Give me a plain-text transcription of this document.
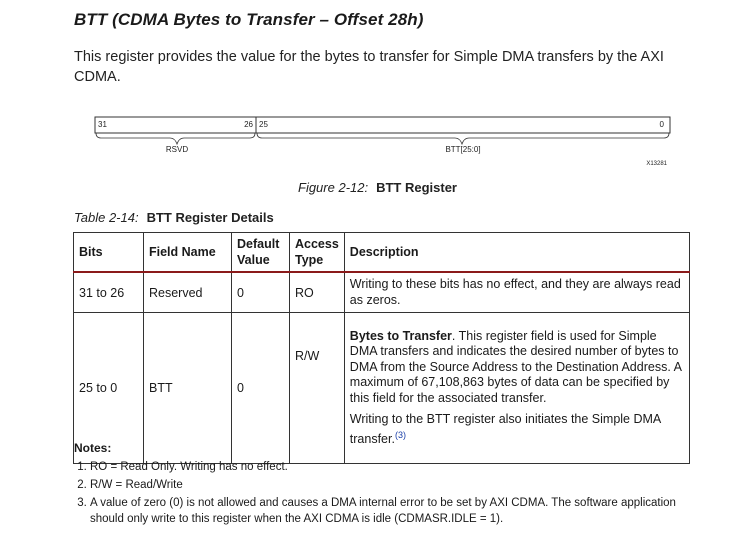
BTT (CDMA Bytes to Transfer – Offset 28h)
This register provides the value for the bytes to transfer for Simple DMA transfers by the AXI CDMA.
31	26 25	0
RSVD	BTT[25:0]
X13281
Figure 2-12: BTT Register
Table 2-14: BTT Register Details
Bits	Field Name	Default Value	Access Type	Description
31 to 26	Reserved	0	RO	Writing to these bits has no effect, and they are always read as zeros.
25 to 0	BTT	0	R/W	Bytes to Transfer. This register field is used for Simple DMA transfers and indicates the desired number of bytes to DMA from the Source Address to the Destination Address. A maximum of 67,108,863 bytes of data can be specified by this field for the associated transfer.

Writing to the BTT register also initiates the Simple DMA transfer.$^{(3)}$

Notes:
1. RO = Read Only. Writing has no effect.
2. R/W = Read/Write
3. A value of zero (0) is not allowed and causes a DMA internal error to be set by AXI CDMA. The software application should only write to this register when the AXI CDMA is idle (CDMASR.IDLE = 1).
